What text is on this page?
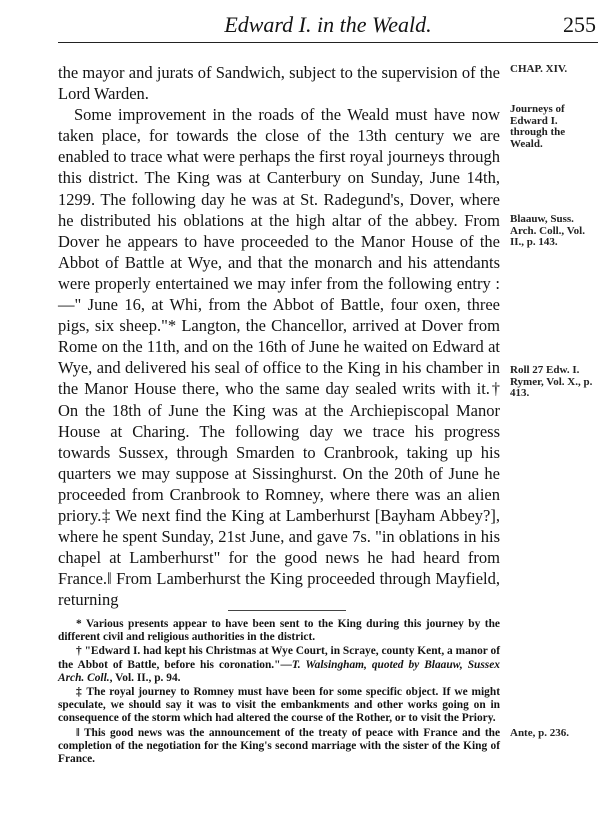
Edward I. in the Weald.	255

the mayor and jurats of Sandwich, subject to the supervision of the Lord Warden.

Some improvement in the roads of the Weald must have now taken place, for towards the close of the 13th century we are enabled to trace what were perhaps the first royal journeys through this district. The King was at Canterbury on Sunday, June 14th, 1299. The following day he was at St. Radegund's, Dover, where he distributed his oblations at the high altar of the abbey. From Dover he appears to have proceeded to the Manor House of the Abbot of Battle at Wye, and that the monarch and his attendants were properly entertained we may infer from the following entry :—" June 16, at Whi, from the Abbot of Battle, four oxen, three pigs, six sheep."* Langton, the Chancellor, arrived at Dover from Rome on the 11th, and on the 16th of June he waited on Edward at Wye, and delivered his seal of office to the King in his chamber in the Manor House there, who the same day sealed writs with it.† On the 18th of June the King was at the Archiepiscopal Manor House at Charing. The following day we trace his progress towards Sussex, through Smarden to Cranbrook, taking up his quarters we may suppose at Sissinghurst. On the 20th of June he proceeded from Cranbrook to Romney, where there was an alien priory.‡ We next find the King at Lamberhurst [Bayham Abbey?], where he spent Sunday, 21st June, and gave 7s. "in oblations in his chapel at Lamberhurst" for the good news he had heard from France.‖ From Lamberhurst the King proceeded through Mayfield, returning

CHAP. XIV.
Journeys of Edward I. through the Weald.
Blaauw, Suss. Arch. Coll., Vol. II., p. 143.
Roll 27 Edw. I. Rymer, Vol. X., p. 413.
Ante, p. 236.

* Various presents appear to have been sent to the King during this journey by the different civil and religious authorities in the district.

† "Edward I. had kept his Christmas at Wye Court, in Scraye, county Kent, a manor of the Abbot of Battle, before his coronation."—T. Walsingham, quoted by Blaauw, Sussex Arch. Coll., Vol. II., p. 94.

‡ The royal journey to Romney must have been for some specific object. If we might speculate, we should say it was to visit the embankments and other works going on in consequence of the storm which had altered the course of the Rother, or to visit the Priory.

‖ This good news was the announcement of the treaty of peace with France and the completion of the negotiation for the King's second marriage with the sister of the King of France.
